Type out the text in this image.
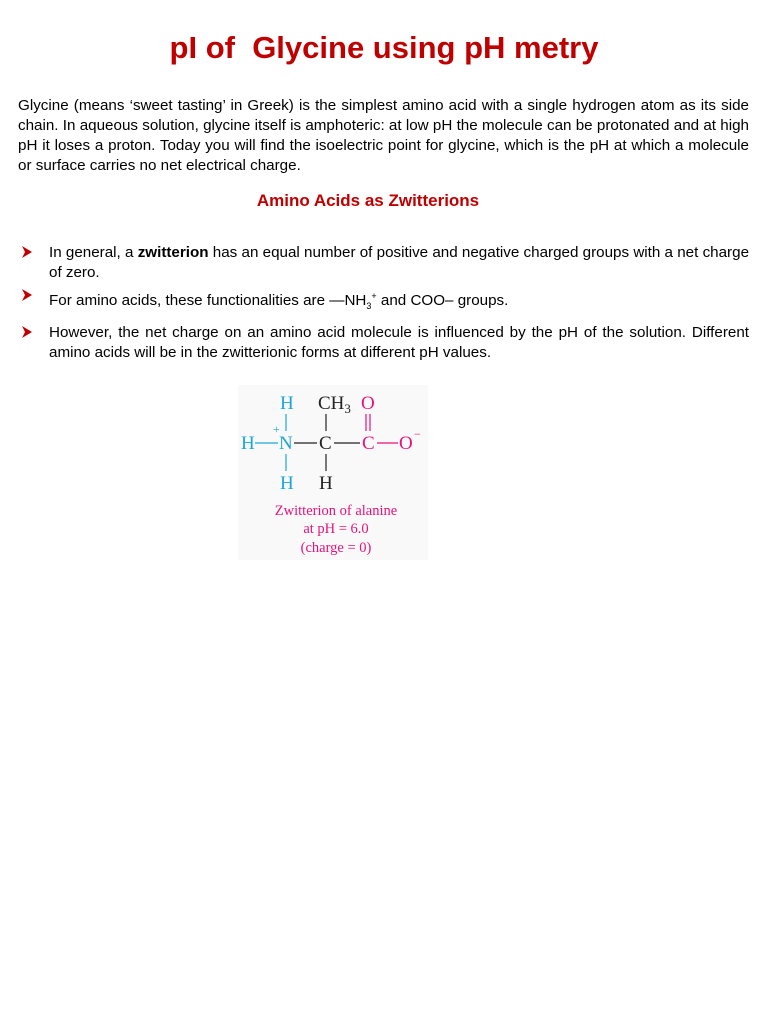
pI of  Glycine using pH metry

Glycine (means ‘sweet tasting’ in Greek) is the simplest amino acid with a single hydrogen atom as its side chain. In aqueous solution, glycine itself is amphoteric: at low pH the molecule can be protonated and at high pH it loses a proton. Today you will find the isoelectric point for glycine, which is the pH at which a molecule or surface carries no net electrical charge.

Amino Acids as Zwitterions
In general, a zwitterion has an equal number of positive and negative charged groups with a net charge of zero.
For amino acids, these functionalities are $—NH_3^+$ and COO– groups.
However, the net charge on an amino acid molecule is influenced by the pH of the solution. Different amino acids will be in the zwitterionic forms at different pH values.
H $CH_3$ O
+
H N C C O −
H H
Zwitterion of alanine
at pH = 6.0
(charge = 0)
